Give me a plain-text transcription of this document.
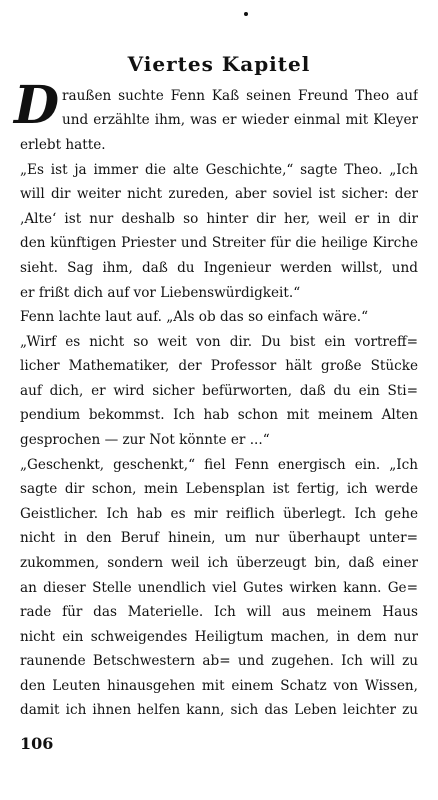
Viertes Kapitel
D raußen suchte Fenn Kaß seinen Freund Theo auf
und erzählte ihm, was er wieder einmal mit Kleyer
erlebt hatte.
„Es ist ja immer die alte Geschichte,“ sagte Theo. „Ich
will dir weiter nicht zureden, aber soviel ist sicher: der
‚Alte‘ ist nur deshalb so hinter dir her, weil er in dir
den künftigen Priester und Streiter für die heilige Kirche
sieht. Sag ihm, daß du Ingenieur werden willst, und
er frißt dich auf vor Liebenswürdigkeit.“
Fenn lachte laut auf. „Als ob das so einfach wäre.“
„Wirf es nicht so weit von dir. Du bist ein vortreff=
licher Mathematiker, der Professor hält große Stücke
auf dich, er wird sicher befürworten, daß du ein Sti=
pendium bekommst. Ich hab schon mit meinem Alten
gesprochen — zur Not könnte er ...“
„Geschenkt, geschenkt,“ fiel Fenn energisch ein. „Ich
sagte dir schon, mein Lebensplan ist fertig, ich werde
Geistlicher. Ich hab es mir reiflich überlegt. Ich gehe
nicht in den Beruf hinein, um nur überhaupt unter=
zukommen, sondern weil ich überzeugt bin, daß einer
an dieser Stelle unendlich viel Gutes wirken kann. Ge=
rade für das Materielle. Ich will aus meinem Haus
nicht ein schweigendes Heiligtum machen, in dem nur
raunende Betschwestern ab= und zugehen. Ich will zu
den Leuten hinausgehen mit einem Schatz von Wissen,
damit ich ihnen helfen kann, sich das Leben leichter zu
106
